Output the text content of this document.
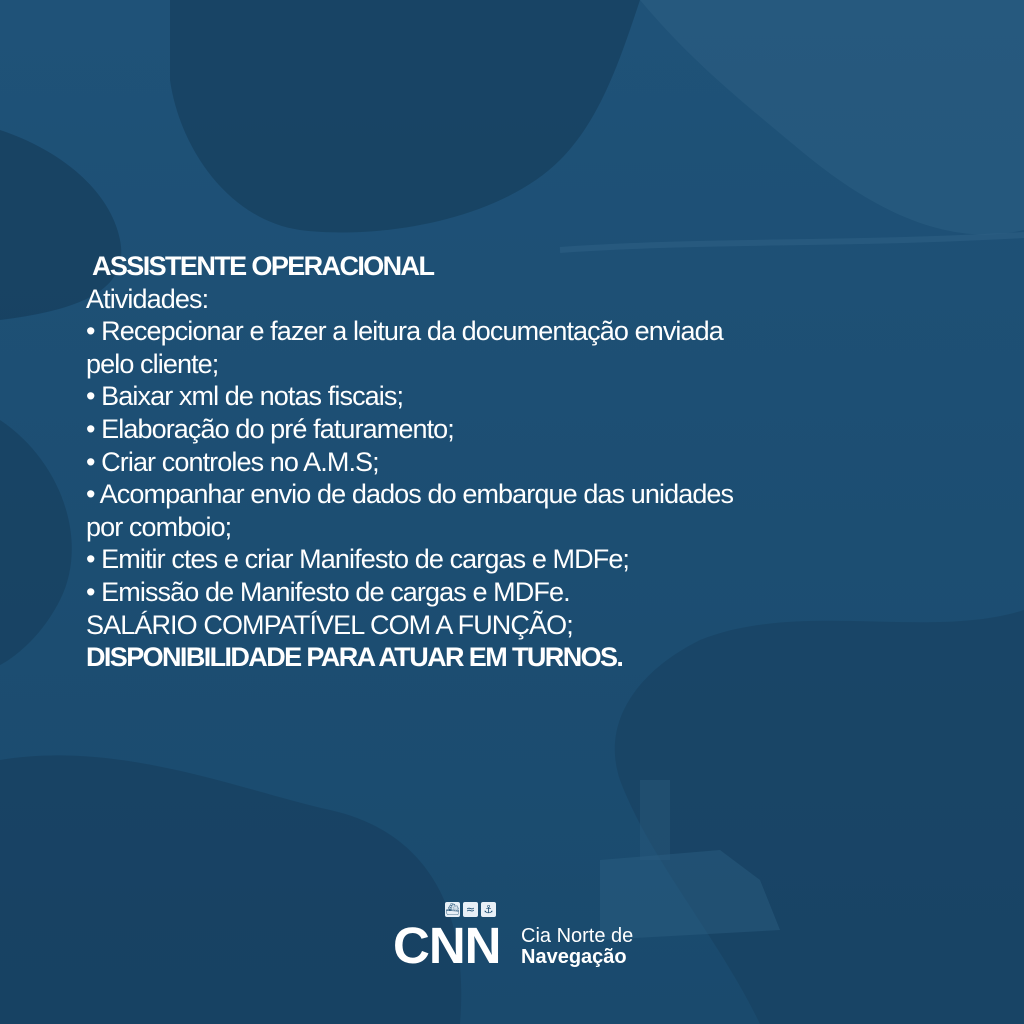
ASSISTENTE OPERACIONAL
Atividades:
• Recepcionar e fazer a leitura da documentação enviada
pelo cliente;
• Baixar xml de notas fiscais;
• Elaboração do pré faturamento;
• Criar controles no A.M.S;
• Acompanhar envio de dados do embarque das unidades
por comboio;
• Emitir ctes e criar Manifesto de cargas e MDFe;
• Emissão de Manifesto de cargas e MDFe.
SALÁRIO COMPATÍVEL COM A FUNÇÃO;
DISPONIBILIDADE PARA ATUAR EM TURNOS.
⛴ ≈ ⚓
CNN Cia Norte de
Navegação
